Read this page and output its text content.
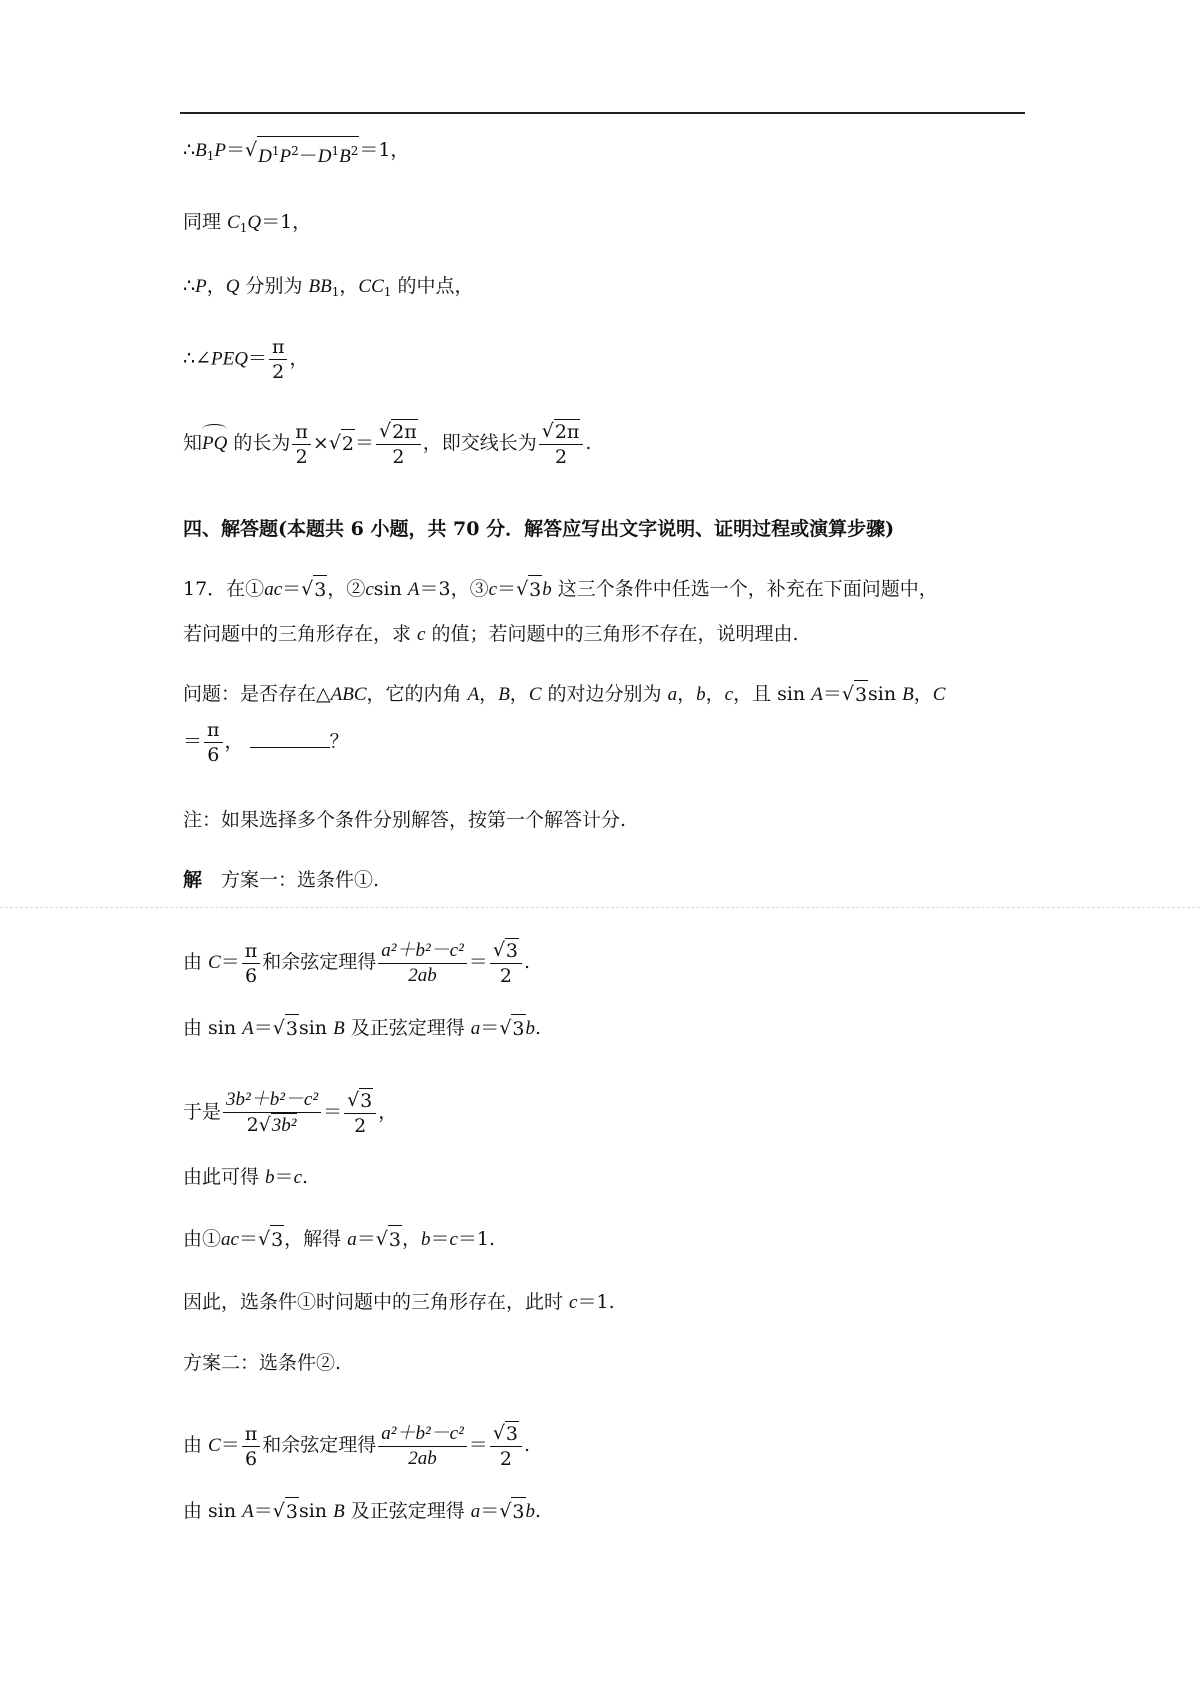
$\therefore B_1P=$ √ $D^1P^2-D^1B^2 =1$，
同理 $C_1Q=1$，
∴P，Q 分别为 $BB_1$，$CC_1$ 的中点，
∴∠PEQ＝ $\frac{\pi}{2}$ ，
知PQ 的长为 $\frac{\pi}{2}$ × √ $2 = \frac{√ 2\pi}{2}$ ，即交线长为 $\frac{√ 2\pi}{2}$ .
四、解答题(本题共 6 小题，共 70 分．解答应写出文字说明、证明过程或演算步骤)
17．在①ac＝ √ 3 ，②csin A＝3，③c＝ √ 3 b 这三个条件中任选一个，补充在下面问题中，
若问题中的三角形存在，求 c 的值；若问题中的三角形不存在，说明理由.
问题：是否存在△ABC，它的内角 A，B，C 的对边分别为 a，b，c，且 sin A＝ √ 3 sin B，C
＝ $\frac{\pi}{6}$ ，	？
注：如果选择多个条件分别解答，按第一个解答计分.
解　方案一：选条件①.
由 $C= \frac{\pi}{6}$ 和余弦定理得 $\frac{\text{a²＋b²－c²}}{2ab} = \frac{√ 3}{2}$ .
由 sin A＝ √ 3 sin B 及正弦定理得 a＝ √ 3 b.
于是 $\frac{\text{3b²＋b²－c²}}{\text{2 √ 3b²}} = \frac{√ 3}{2}$ ，
由此可得 b＝c.
由①ac＝ √ 3 ，解得 a＝ √ 3 ，b＝c＝1.
因此，选条件①时问题中的三角形存在，此时 c＝1.
方案二：选条件②.
由 $C= \frac{\pi}{6}$ 和余弦定理得 $\frac{\text{a²＋b²－c²}}{2ab} = \frac{√ 3}{2}$ .
由 sin A＝ √ 3 sin B 及正弦定理得 a＝ √ 3 b.
